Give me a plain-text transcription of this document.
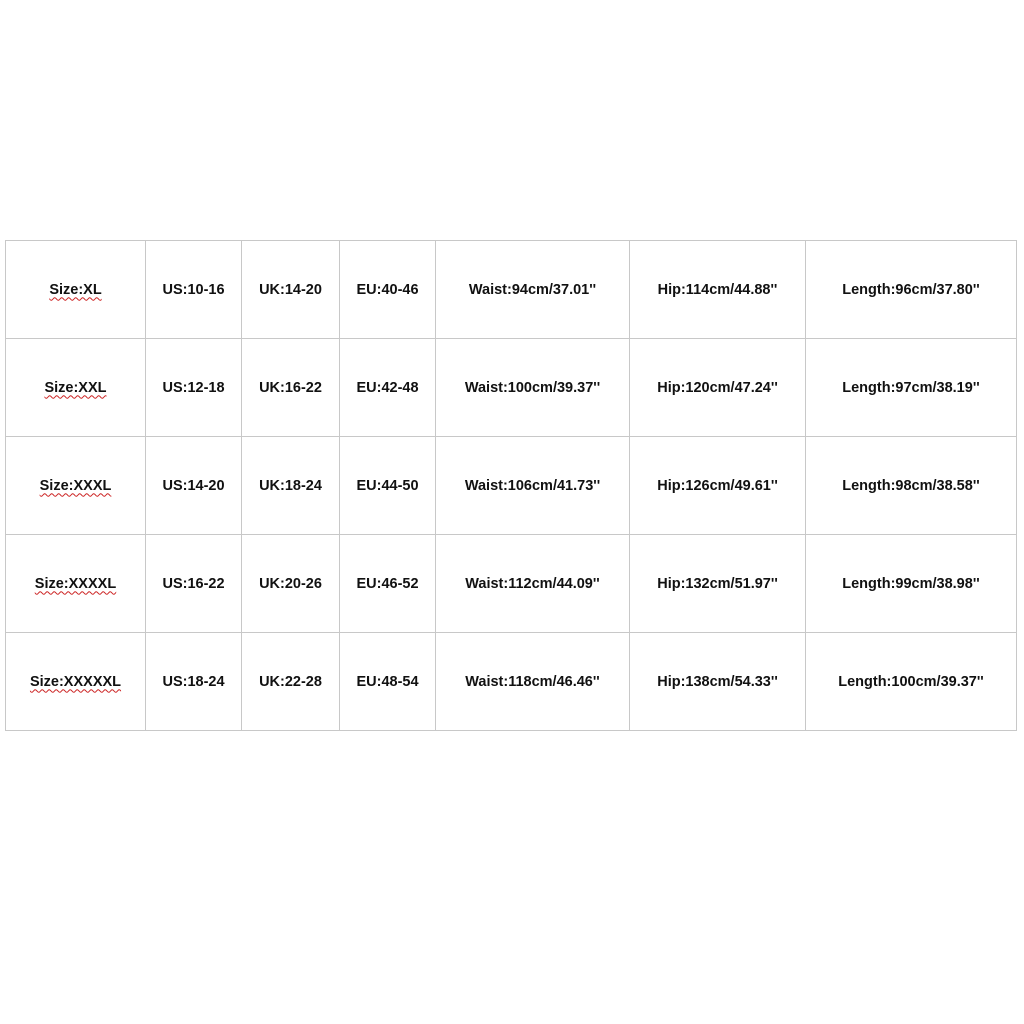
Size:XL	US:10-16	UK:14-20	EU:40-46	Waist:94cm/37.01''	Hip:114cm/44.88''	Length:96cm/37.80''
Size:XXL	US:12-18	UK:16-22	EU:42-48	Waist:100cm/39.37''	Hip:120cm/47.24''	Length:97cm/38.19''
Size:XXXL	US:14-20	UK:18-24	EU:44-50	Waist:106cm/41.73''	Hip:126cm/49.61''	Length:98cm/38.58''
Size:XXXXL	US:16-22	UK:20-26	EU:46-52	Waist:112cm/44.09''	Hip:132cm/51.97''	Length:99cm/38.98''
Size:XXXXXL	US:18-24	UK:22-28	EU:48-54	Waist:118cm/46.46''	Hip:138cm/54.33''	Length:100cm/39.37''
